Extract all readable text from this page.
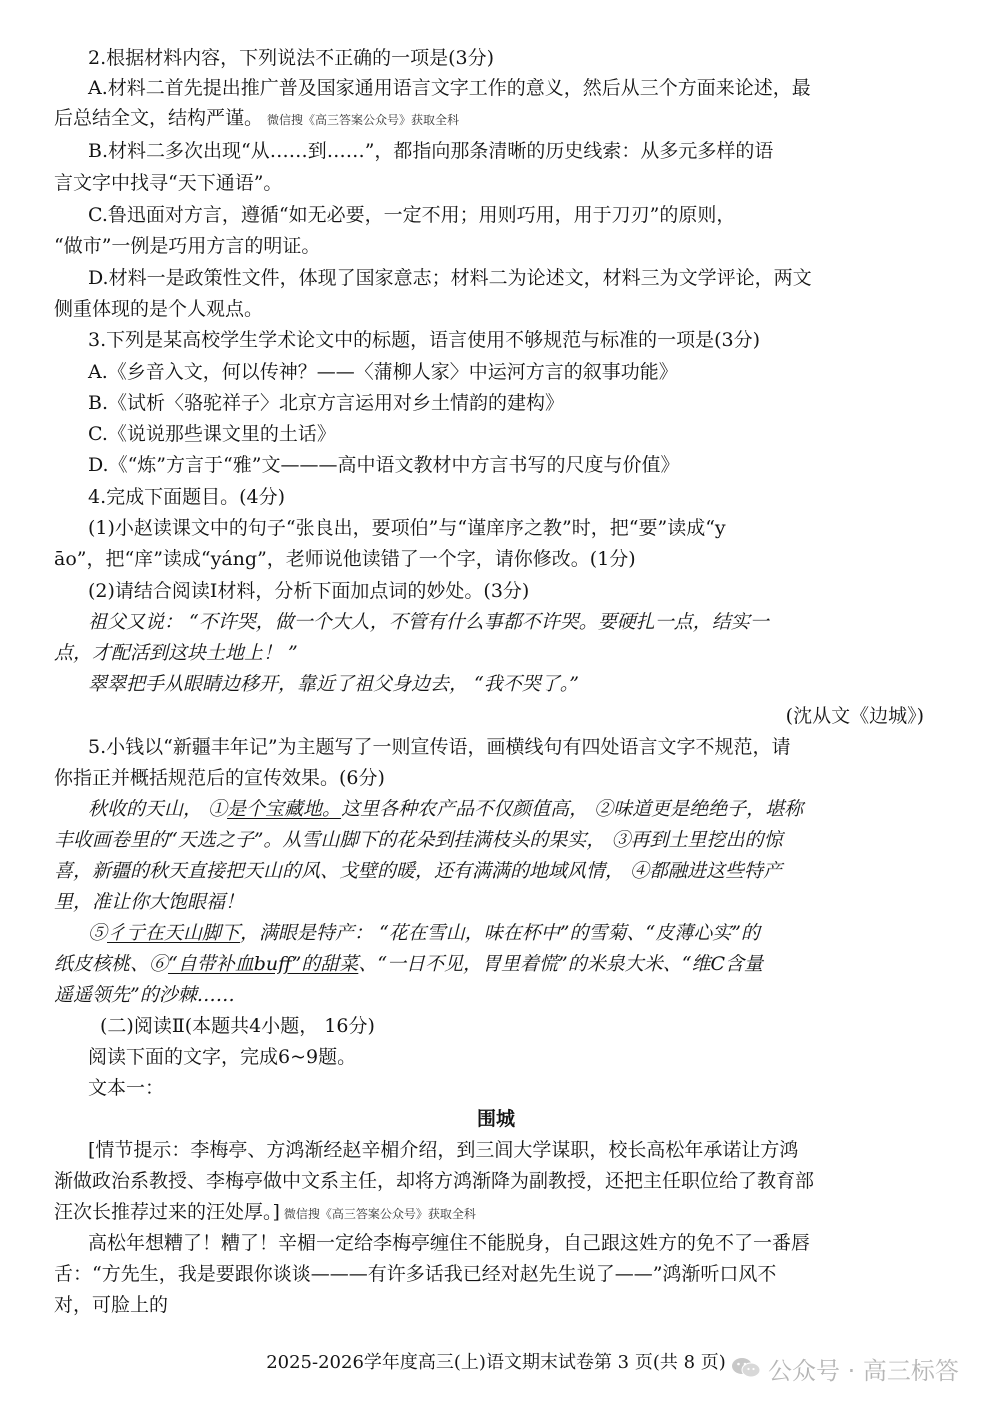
2.根据材料内容，下列说法不正确的一项是(3分)
A.材料二首先提出推广普及国家通用语言文字工作的意义，然后从三个方面来论述，最
后总结全文，结构严谨。 微信搜《高三答案公众号》获取全科
B.材料二多次出现“从……到……”，都指向那条清晰的历史线索：从多元多样的语
言文字中找寻“天下通语”。
C.鲁迅面对方言，遵循“如无必要，一定不用；用则巧用，用于刀刃”的原则，
“做市”一例是巧用方言的明证。
D.材料一是政策性文件，体现了国家意志；材料二为论述文，材料三为文学评论，两文
侧重体现的是个人观点。
3.下列是某高校学生学术论文中的标题，语言使用不够规范与标准的一项是(3分)
A.《乡音入文，何以传神？——〈蒲柳人家〉中运河方言的叙事功能》
B.《试析〈骆驼祥子〉北京方言运用对乡土情韵的建构》
C.《说说那些课文里的土话》
D.《“炼”方言于“雅”文———高中语文教材中方言书写的尺度与价值》
4.完成下面题目。(4分)
(1)小赵读课文中的句子“张良出，要项伯”与“谨庠序之教”时，把“要”读成“y
āo”，把“庠”读成“yáng”，老师说他读错了一个字，请你修改。(1分)
(2)请结合阅读Ⅰ材料，分析下面加点词的妙处。(3分)
祖父又说： “不许哭，做一个大人，不管有什么事都不许哭。要硬扎一点，结实一
点，才配活到这块土地上！ ”
翠翠把手从眼睛边移开，靠近了祖父身边去， “我不哭了。”
(沈从文《边城》)
5.小钱以“新疆丰年记”为主题写了一则宣传语，画横线句有四处语言文字不规范，请
你指正并概括规范后的宣传效果。(6分)
秋收的天山， ①是个宝藏地。这里各种农产品不仅颜值高， ②味道更是绝绝子，堪称
丰收画卷里的“天选之子”。从雪山脚下的花朵到挂满枝头的果实， ③再到土里挖出的惊
喜，新疆的秋天直接把天山的风、戈壁的暖，还有满满的地域风情， ④都融进这些特产
里，准让你大饱眼福！
⑤彳亍在天山脚下，满眼是特产： “花在雪山，味在杯中”的雪菊、“皮薄心实”的
纸皮核桃、⑥“自带补血buff”的甜菜、“一日不见，胃里着慌”的米泉大米、“维C含量
遥遥领先”的沙棘……
(二)阅读Ⅱ(本题共4小题， 16分)
阅读下面的文字，完成6~9题。
文本一：
围城
[情节提示：李梅亭、方鸿渐经赵辛楣介绍，到三闾大学谋职，校长高松年承诺让方鸿
渐做政治系教授、李梅亭做中文系主任，却将方鸿渐降为副教授，还把主任职位给了教育部
汪次长推荐过来的汪处厚。] 微信搜《高三答案公众号》获取全科
高松年想糟了！糟了！辛楣一定给李梅亭缠住不能脱身，自己跟这姓方的免不了一番唇
舌：“方先生，我是要跟你谈谈———有许多话我已经对赵先生说了——”鸿渐听口风不
对，可脸上的
2025-2026学年度高三(上)语文期末试卷第 3 页(共 8 页)	公众号 · 高三标答
